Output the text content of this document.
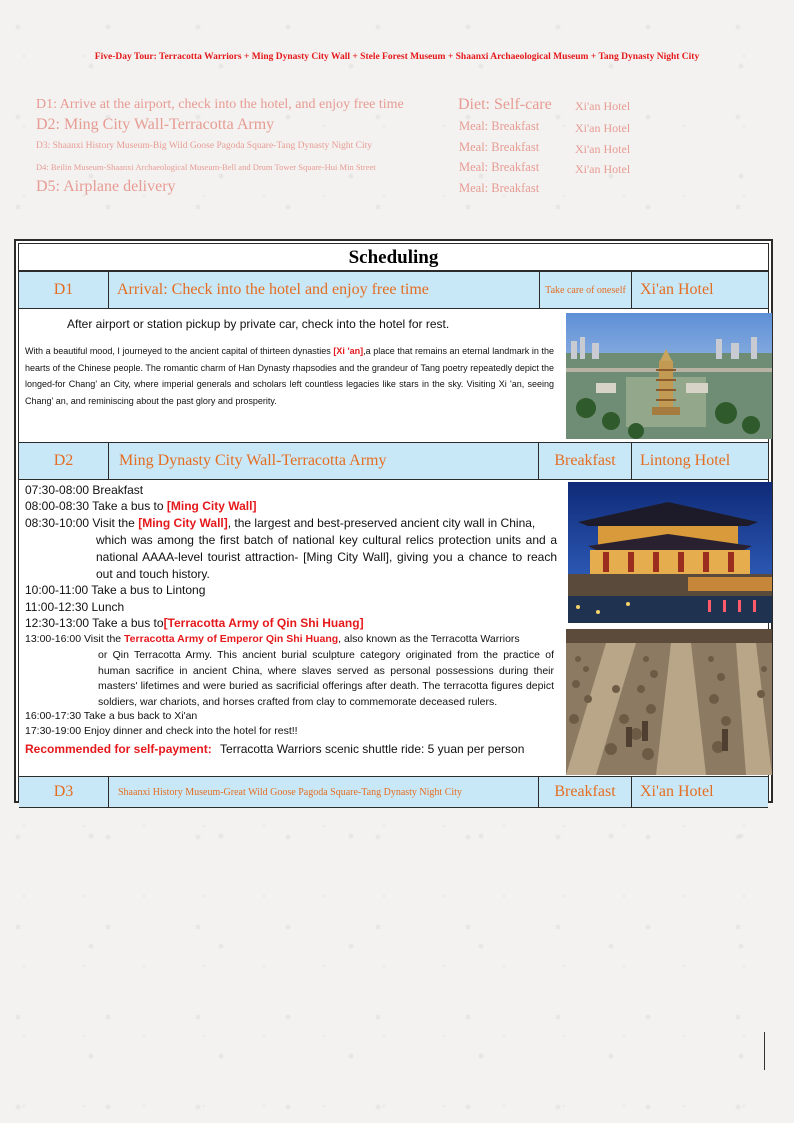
Five-Day Tour: Terracotta Warriors + Ming Dynasty City Wall + Stele Forest Museum + Shaanxi Archaeological Museum + Tang Dynasty Night City
D1: Arrive at the airport, check into the hotel, and enjoy free time	Diet: Self-care Xi'an Hotel
D2: Ming City Wall-Terracotta Army	Meal: Breakfast	Xi'an Hotel
D3: Shaanxi History Museum-Big Wild Goose Pagoda Square-Tang Dynasty Night City	Meal: Breakfast	Xi'an Hotel
D4: Beilin Museum-Shaanxi Archaeological Museum-Bell and Drum Tower Square-Hui Min Street	Meal: Breakfast	Xi'an Hotel
D5: Airplane delivery	Meal: Breakfast
Scheduling
D1	Arrival: Check into the hotel and enjoy free time	Take care of oneself Xi'an Hotel
After airport or station pickup by private car, check into the hotel for rest.
With a beautiful mood, I journeyed to the ancient capital of thirteen dynasties [Xi 'an],a place that remains an eternal landmark in the hearts of the Chinese people. The romantic charm of Han Dynasty rhapsodies and the grandeur of Tang poetry repeatedly depict the longed-for Chang' an City, where imperial generals and scholars left countless legacies like stars in the sky. Visiting Xi 'an, seeing Chang' an, and reminiscing about the past glory and prosperity.
D2	Ming Dynasty City Wall-Terracotta Army	Breakfast	Lintong Hotel
07:30-08:00 Breakfast
08:00-08:30 Take a bus to [Ming City Wall]
08:30-10:00 Visit the [Ming City Wall], the largest and best-preserved ancient city wall in China,
which was among the first batch of national key cultural relics protection units and a national AAAA-level tourist attraction- [Ming City Wall], giving you a chance to reach out and touch history.
10:00-11:00 Take a bus to Lintong
11:00-12:30 Lunch
12:30-13:00 Take a bus to[Terracotta Army of Qin Shi Huang]
13:00-16:00 Visit the Terracotta Army of Emperor Qin Shi Huang, also known as the Terracotta Warriors
or Qin Terracotta Army. This ancient burial sculpture category originated from the practice of human sacrifice in ancient China, where slaves served as personal possessions during their masters' lifetimes and were buried as sacrificial offerings after death. The terracotta figures depict soldiers, war chariots, and horses crafted from clay to commemorate deceased rulers.
16:00-17:30 Take a bus back to Xi'an
17:30-19:00 Enjoy dinner and check into the hotel for rest!!
Recommended for self-payment: Terracotta Warriors scenic shuttle ride: 5 yuan per person
D3	Shaanxi History Museum-Great Wild Goose Pagoda Square-Tang Dynasty Night City	Breakfast	Xi'an Hotel
